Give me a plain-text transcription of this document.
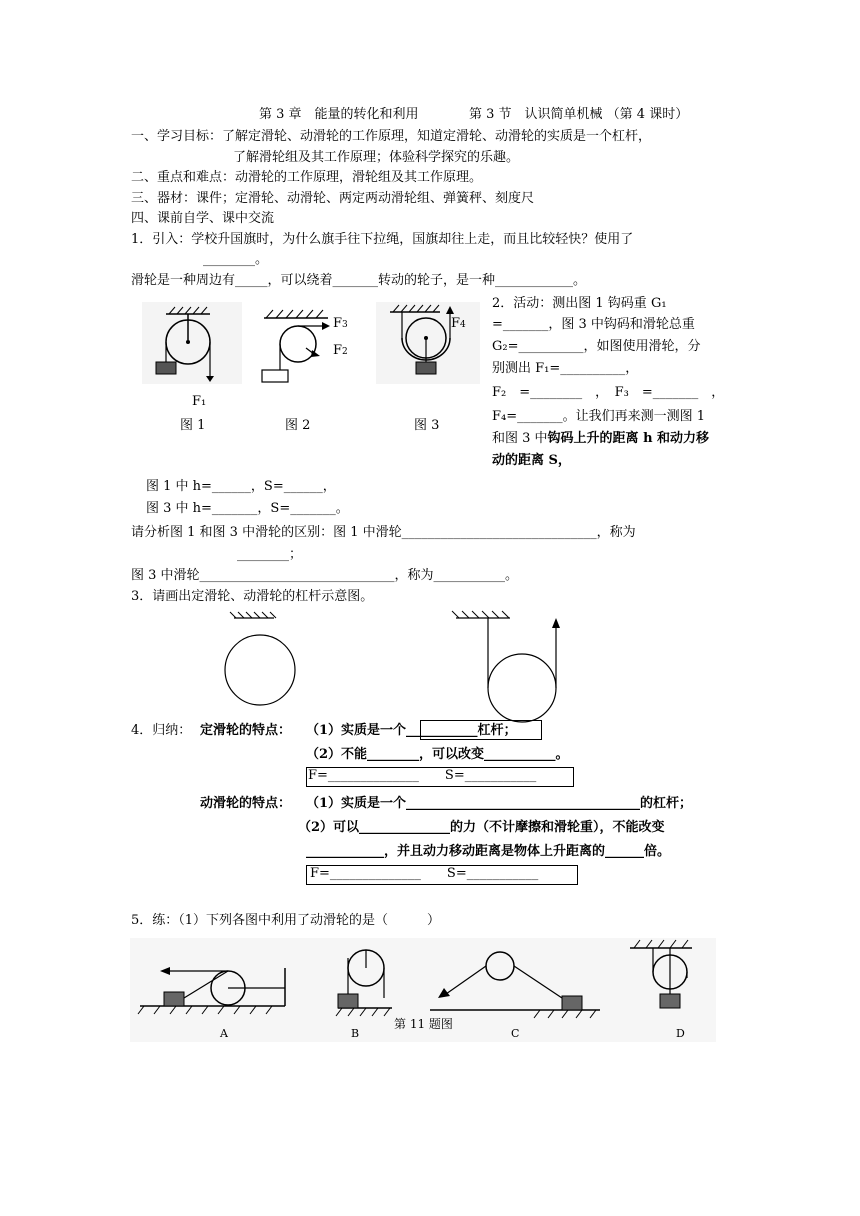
第 3 章　能量的转化和利用	第 3 节　认识简单机械 （第 4 课时）
一、学习目标：了解定滑轮、动滑轮的工作原理，知道定滑轮、动滑轮的实质是一个杠杆，
了解滑轮组及其工作原理；体验科学探究的乐趣。
二、重点和难点：动滑轮的工作原理，滑轮组及其工作原理。
三、器材：课件；定滑轮、动滑轮、两定两动滑轮组、弹簧秤、刻度尺
四、课前自学、课中交流
1．引入：学校升国旗时，为什么旗手往下拉绳，国旗却往上走，而且比较轻快？使用了
________。
滑轮是一种周边有_____，可以绕着_______转动的轮子，是一种____________。
F3
F2
F4
F₁
图 1	图 2	图 3
2．活动：测出图 1 钩码重 G₁
=_______，图 3 中钩码和滑轮总重
G₂=__________，如图使用滑轮，分
别测出 F₁=__________，
F₂　=________　，　F₃　=_______　，
F₄=_______。让我们再来测一测图 1
和图 3 中钩码上升的距离 h 和动力移
动的距离 S，
图 1 中 h=______，S=______，
图 3 中 h=_______，S=_______。
请分析图 1 和图 3 中滑轮的区别：图 1 中滑轮______________________________，称为
________；
图 3 中滑轮______________________________，称为___________。
3．请画出定滑轮、动滑轮的杠杆示意图。
4．归纳： 定滑轮的特点： （1）实质是一个___________杠杆；
（2）不能________，可以改变___________。
F=______________　　S=___________
动滑轮的特点： （1）实质是一个____________________________________的杠杆；
（2）可以______________的力（不计摩擦和滑轮重），不能改变
____________，并且动力移动距离是物体上升距离的______倍。
F=______________　　S=___________
5．练：（1）下列各图中利用了动滑轮的是（　　　）
第 11 题图
A	B	C	D
